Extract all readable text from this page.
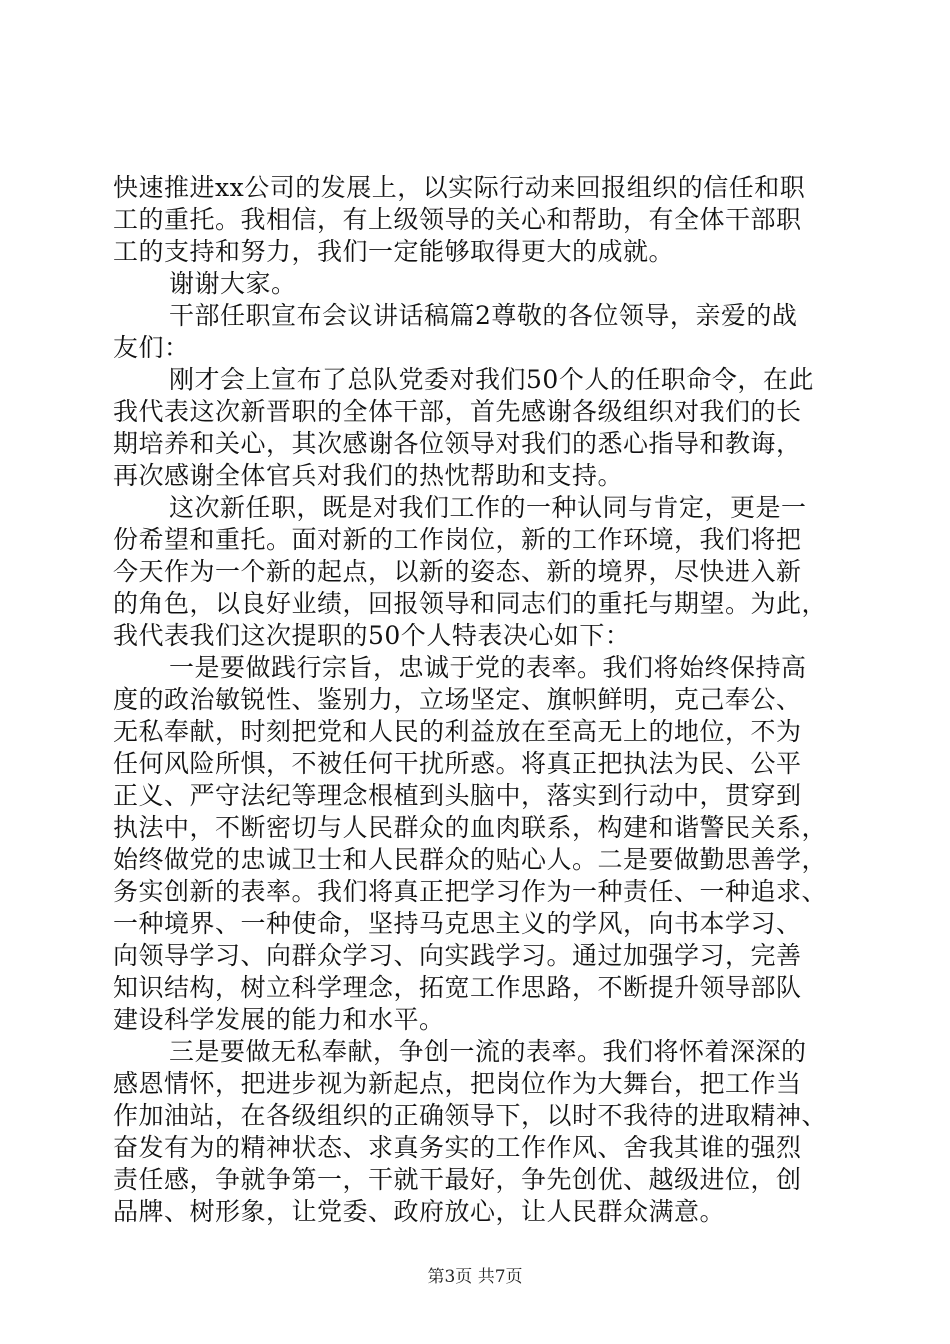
快速推进xx公司的发展上，以实际行动来回报组织的信任和职
工的重托。我相信，有上级领导的关心和帮助，有全体干部职
工的支持和努力，我们一定能够取得更大的成就。
谢谢大家。
干部任职宣布会议讲话稿篇2尊敬的各位领导，亲爱的战
友们：
刚才会上宣布了总队党委对我们50个人的任职命令，在此
我代表这次新晋职的全体干部，首先感谢各级组织对我们的长
期培养和关心，其次感谢各位领导对我们的悉心指导和教诲，
再次感谢全体官兵对我们的热忱帮助和支持。
这次新任职，既是对我们工作的一种认同与肯定，更是一
份希望和重托。面对新的工作岗位，新的工作环境，我们将把
今天作为一个新的起点，以新的姿态、新的境界，尽快进入新
的角色，以良好业绩，回报领导和同志们的重托与期望。为此，
我代表我们这次提职的50个人特表决心如下：
一是要做践行宗旨，忠诚于党的表率。我们将始终保持高
度的政治敏锐性、鉴别力，立场坚定、旗帜鲜明，克己奉公、
无私奉献，时刻把党和人民的利益放在至高无上的地位，不为
任何风险所惧，不被任何干扰所惑。将真正把执法为民、公平
正义、严守法纪等理念根植到头脑中，落实到行动中，贯穿到
执法中，不断密切与人民群众的血肉联系，构建和谐警民关系，
始终做党的忠诚卫士和人民群众的贴心人。二是要做勤思善学，
务实创新的表率。我们将真正把学习作为一种责任、一种追求、
一种境界、一种使命，坚持马克思主义的学风，向书本学习、
向领导学习、向群众学习、向实践学习。通过加强学习，完善
知识结构，树立科学理念，拓宽工作思路，不断提升领导部队
建设科学发展的能力和水平。
三是要做无私奉献，争创一流的表率。我们将怀着深深的
感恩情怀，把进步视为新起点，把岗位作为大舞台，把工作当
作加油站，在各级组织的正确领导下，以时不我待的进取精神、
奋发有为的精神状态、求真务实的工作作风、舍我其谁的强烈
责任感，争就争第一，干就干最好，争先创优、越级进位，创
品牌、树形象，让党委、政府放心，让人民群众满意。
第3页 共7页
